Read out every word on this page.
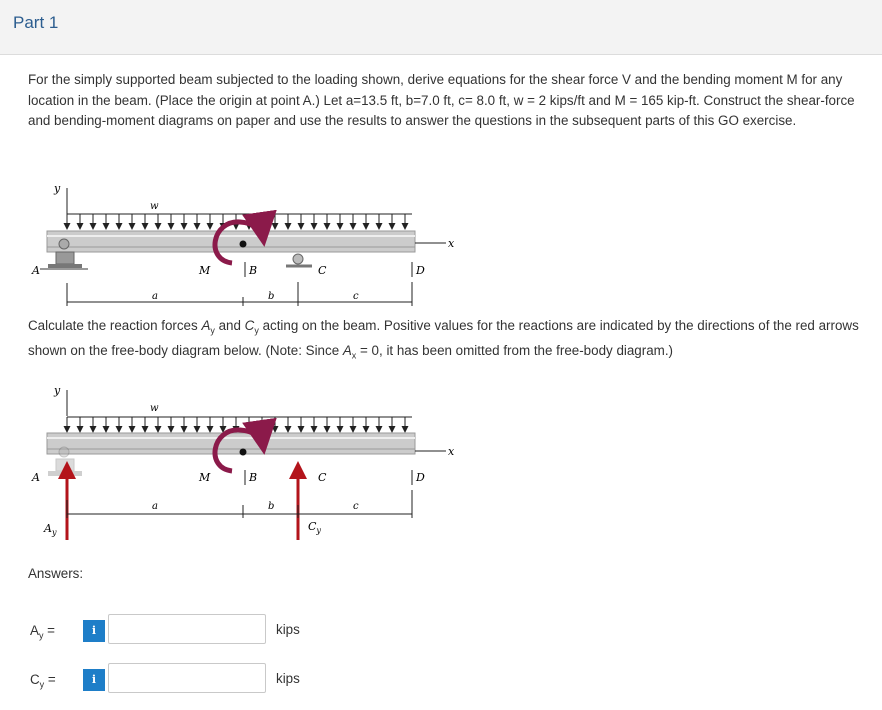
Part 1
For the simply supported beam subjected to the loading shown, derive equations for the shear force V and the bending moment M for any location in the beam. (Place the origin at point A.) Let a=13.5 ft, b=7.0 ft, c= 8.0 ft, w = 2 kips/ft and M = 165 kip-ft. Construct the shear-force and bending-moment diagrams on paper and use the results to answer the questions in the subsequent parts of this GO exercise.
y
w
x
A	M	B	C	D
a	b	c
Calculate the reaction forces $A_y$ and $C_y$ acting on the beam. Positive values for the reactions are indicated by the directions of the red arrows shown on the free-body diagram below. (Note: Since $A_x = 0$, it has been omitted from the free-body diagram.)
y
w
x
A
$A_y$
M	B
$C_y$
C	D
a	b	c
Answers:
$A_y$ =	i	kips
$C_y$ =	i	kips
